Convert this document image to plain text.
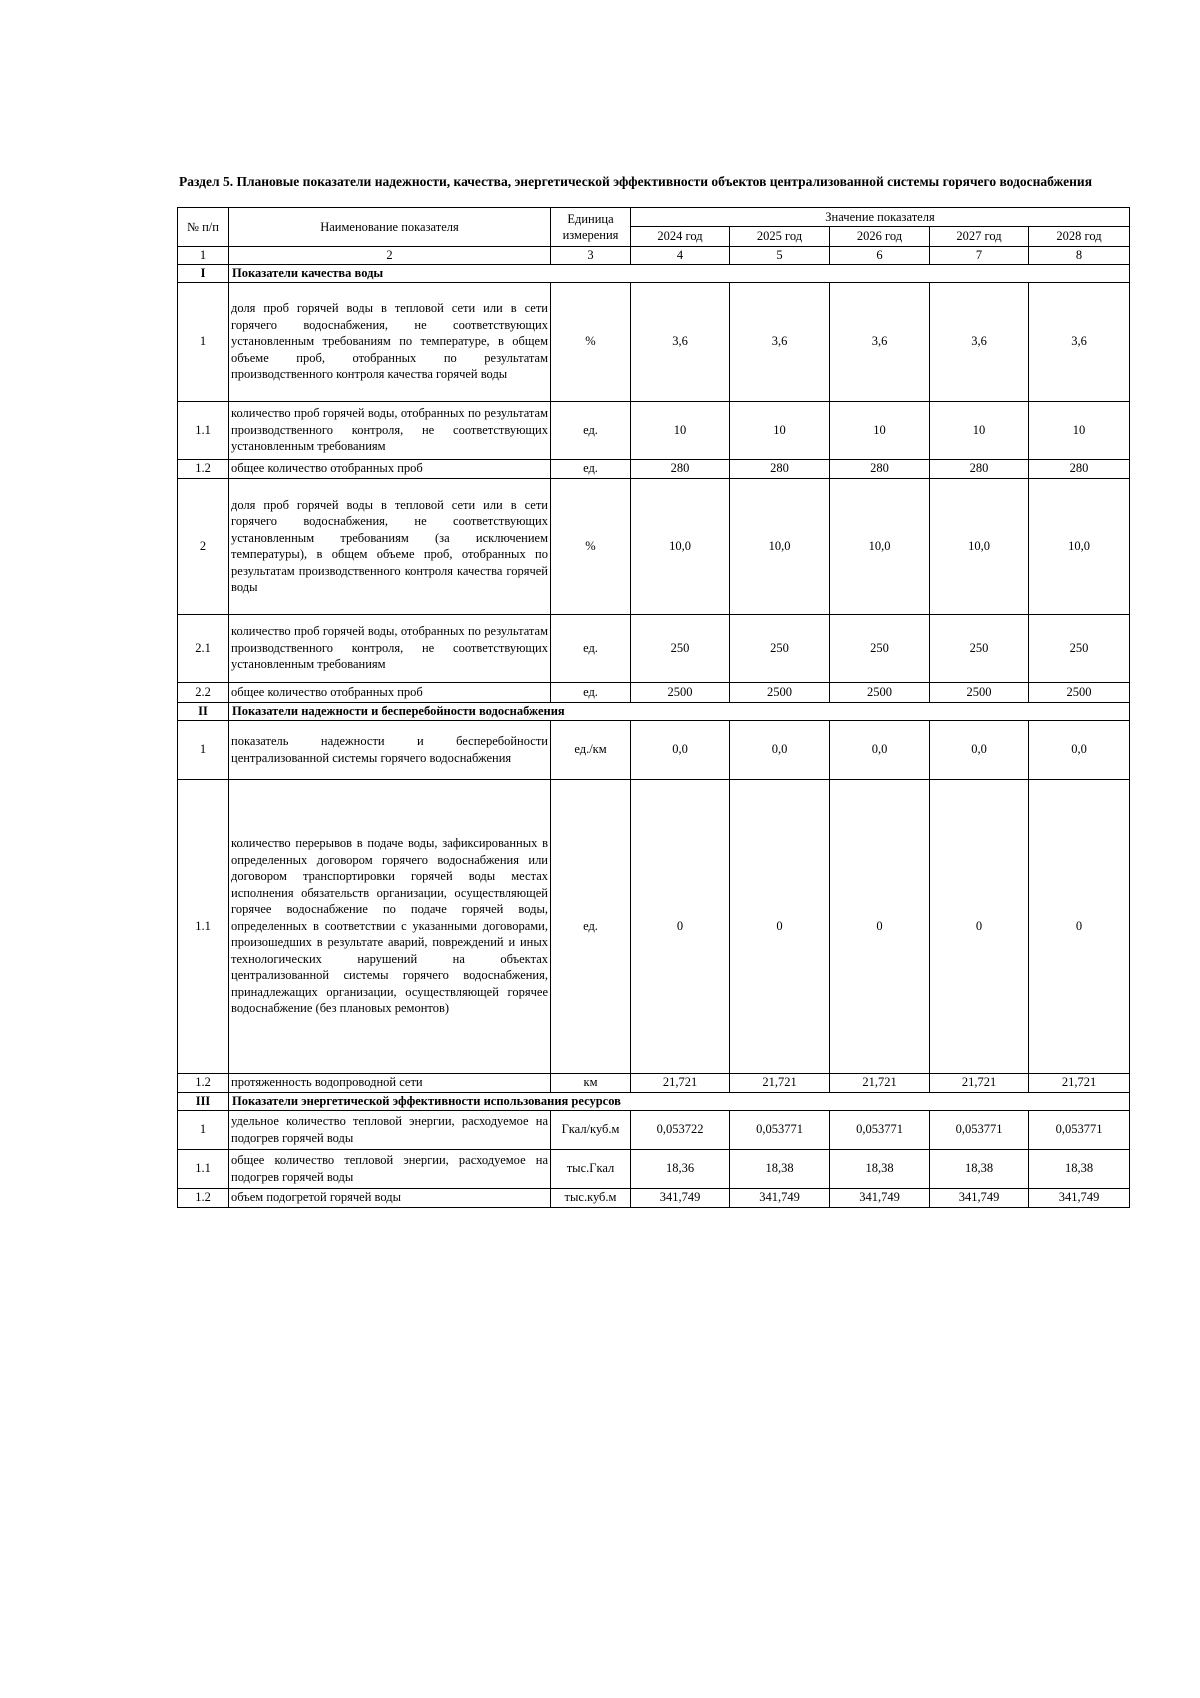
Раздел 5. Плановые показатели надежности, качества, энергетической эффективности объектов централизованной системы горячего водоснабжения
№ п/п	Наименование показателя	Единица измерения	Значение показателя				
			2024 год	2025 год	2026 год	2027 год	2028 год
1	2	3	4	5	6	7	8
I	Показатели качества воды						
1	доля проб горячей воды в тепловой сети или в сети горячего водоснабжения, не соответствующих установленным требованиям по температуре, в общем объеме проб, отобранных по результатам производственного контроля качества горячей воды	%	3,6	3,6	3,6	3,6	3,6
1.1	количество проб горячей воды, отобранных по результатам производственного контроля, не соответствующих установленным требованиям	ед.	10	10	10	10	10
1.2	общее количество отобранных проб	ед.	280	280	280	280	280
2	доля проб горячей воды в тепловой сети или в сети горячего водоснабжения, не соответствующих установленным требованиям (за исключением температуры), в общем объеме проб, отобранных по результатам производственного контроля качества горячей воды	%	10,0	10,0	10,0	10,0	10,0
2.1	количество проб горячей воды, отобранных по результатам производственного контроля, не соответствующих установленным требованиям	ед.	250	250	250	250	250
2.2	общее количество отобранных проб	ед.	2500	2500	2500	2500	2500
II	Показатели надежности и бесперебойности водоснабжения						
1	показатель надежности и бесперебойности централизованной системы горячего водоснабжения	ед./км	0,0	0,0	0,0	0,0	0,0
1.1	количество перерывов в подаче воды, зафиксированных в определенных договором горячего водоснабжения или договором транспортировки горячей воды местах исполнения обязательств организации, осуществляющей горячее водоснабжение по подаче горячей воды, определенных в соответствии с указанными договорами, произошедших в результате аварий, повреждений и иных технологических нарушений на объектах централизованной системы горячего водоснабжения, принадлежащих организации, осуществляющей горячее водоснабжение (без плановых ремонтов)	ед.	0	0	0	0	0
1.2	протяженность водопроводной сети	км	21,721	21,721	21,721	21,721	21,721
III	Показатели энергетической эффективности использования ресурсов						
1	удельное количество тепловой энергии, расходуемое на подогрев горячей воды	Гкал/куб.м	0,053722	0,053771	0,053771	0,053771	0,053771
1.1	общее количество тепловой энергии, расходуемое на подогрев горячей воды	тыс.Гкал	18,36	18,38	18,38	18,38	18,38
1.2	объем подогретой горячей воды	тыс.куб.м	341,749	341,749	341,749	341,749	341,749
